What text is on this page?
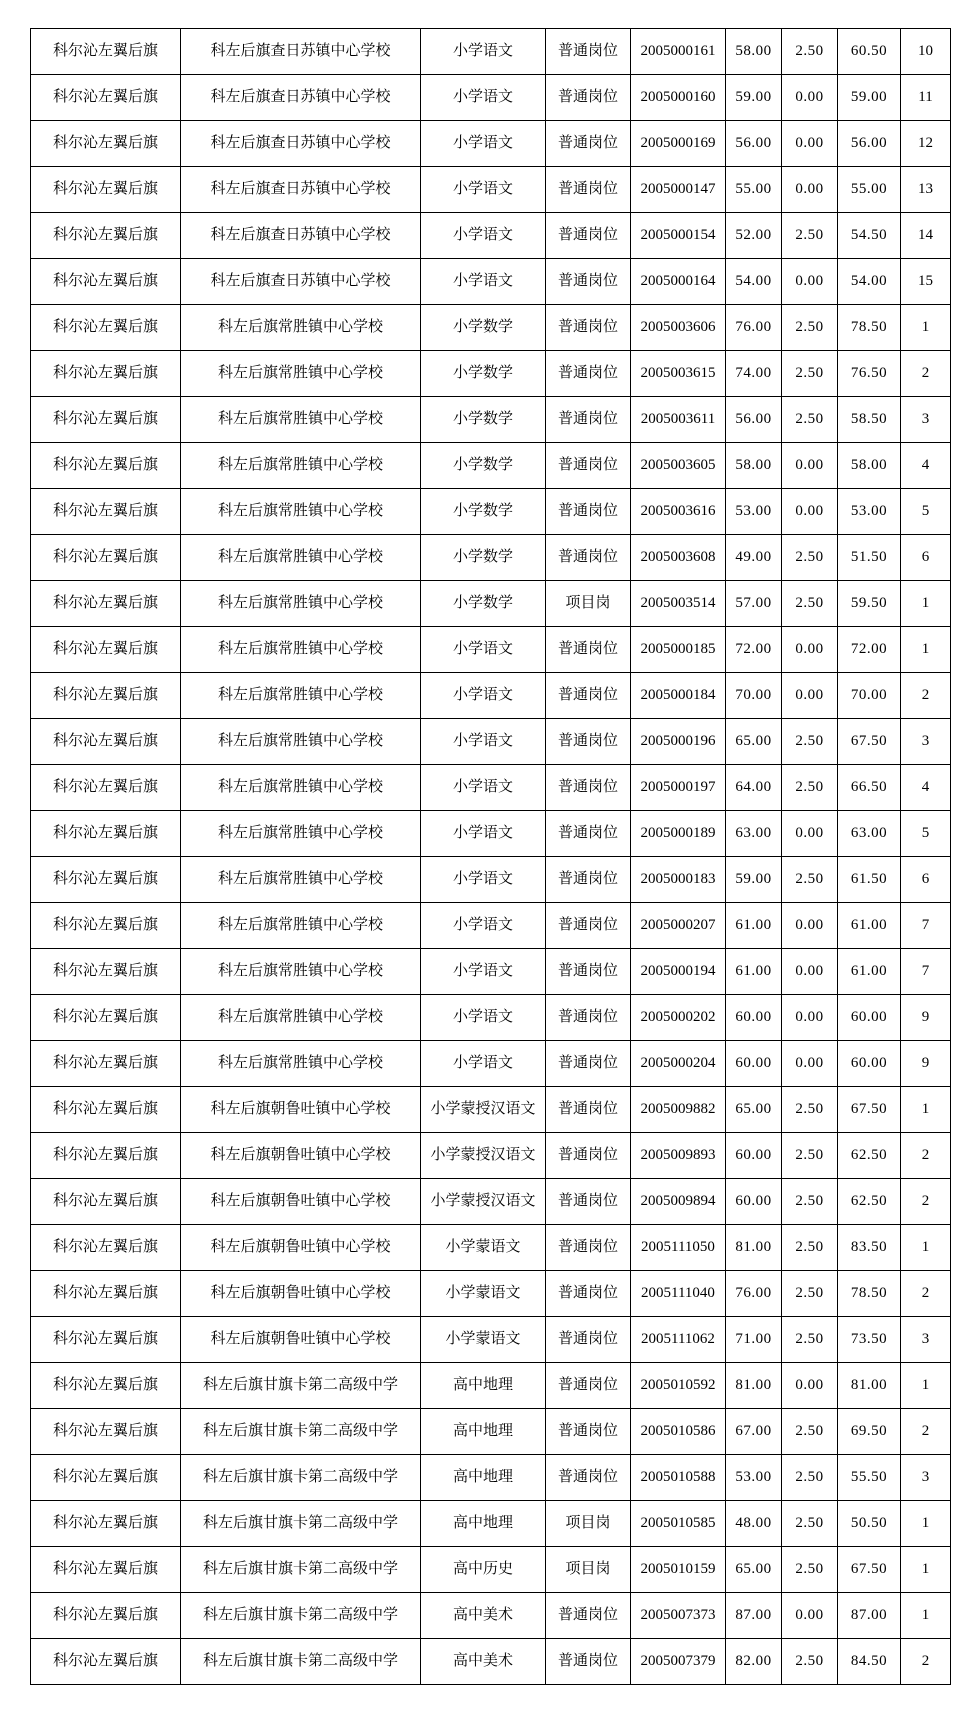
科尔沁左翼后旗	科左后旗查日苏镇中心学校	小学语文	普通岗位	2005000161	58.00	2.50	60.50	10
科尔沁左翼后旗	科左后旗查日苏镇中心学校	小学语文	普通岗位	2005000160	59.00	0.00	59.00	11
科尔沁左翼后旗	科左后旗查日苏镇中心学校	小学语文	普通岗位	2005000169	56.00	0.00	56.00	12
科尔沁左翼后旗	科左后旗查日苏镇中心学校	小学语文	普通岗位	2005000147	55.00	0.00	55.00	13
科尔沁左翼后旗	科左后旗查日苏镇中心学校	小学语文	普通岗位	2005000154	52.00	2.50	54.50	14
科尔沁左翼后旗	科左后旗查日苏镇中心学校	小学语文	普通岗位	2005000164	54.00	0.00	54.00	15
科尔沁左翼后旗	科左后旗常胜镇中心学校	小学数学	普通岗位	2005003606	76.00	2.50	78.50	1
科尔沁左翼后旗	科左后旗常胜镇中心学校	小学数学	普通岗位	2005003615	74.00	2.50	76.50	2
科尔沁左翼后旗	科左后旗常胜镇中心学校	小学数学	普通岗位	2005003611	56.00	2.50	58.50	3
科尔沁左翼后旗	科左后旗常胜镇中心学校	小学数学	普通岗位	2005003605	58.00	0.00	58.00	4
科尔沁左翼后旗	科左后旗常胜镇中心学校	小学数学	普通岗位	2005003616	53.00	0.00	53.00	5
科尔沁左翼后旗	科左后旗常胜镇中心学校	小学数学	普通岗位	2005003608	49.00	2.50	51.50	6
科尔沁左翼后旗	科左后旗常胜镇中心学校	小学数学	项目岗	2005003514	57.00	2.50	59.50	1
科尔沁左翼后旗	科左后旗常胜镇中心学校	小学语文	普通岗位	2005000185	72.00	0.00	72.00	1
科尔沁左翼后旗	科左后旗常胜镇中心学校	小学语文	普通岗位	2005000184	70.00	0.00	70.00	2
科尔沁左翼后旗	科左后旗常胜镇中心学校	小学语文	普通岗位	2005000196	65.00	2.50	67.50	3
科尔沁左翼后旗	科左后旗常胜镇中心学校	小学语文	普通岗位	2005000197	64.00	2.50	66.50	4
科尔沁左翼后旗	科左后旗常胜镇中心学校	小学语文	普通岗位	2005000189	63.00	0.00	63.00	5
科尔沁左翼后旗	科左后旗常胜镇中心学校	小学语文	普通岗位	2005000183	59.00	2.50	61.50	6
科尔沁左翼后旗	科左后旗常胜镇中心学校	小学语文	普通岗位	2005000207	61.00	0.00	61.00	7
科尔沁左翼后旗	科左后旗常胜镇中心学校	小学语文	普通岗位	2005000194	61.00	0.00	61.00	7
科尔沁左翼后旗	科左后旗常胜镇中心学校	小学语文	普通岗位	2005000202	60.00	0.00	60.00	9
科尔沁左翼后旗	科左后旗常胜镇中心学校	小学语文	普通岗位	2005000204	60.00	0.00	60.00	9
科尔沁左翼后旗	科左后旗朝鲁吐镇中心学校	小学蒙授汉语文	普通岗位	2005009882	65.00	2.50	67.50	1
科尔沁左翼后旗	科左后旗朝鲁吐镇中心学校	小学蒙授汉语文	普通岗位	2005009893	60.00	2.50	62.50	2
科尔沁左翼后旗	科左后旗朝鲁吐镇中心学校	小学蒙授汉语文	普通岗位	2005009894	60.00	2.50	62.50	2
科尔沁左翼后旗	科左后旗朝鲁吐镇中心学校	小学蒙语文	普通岗位	2005111050	81.00	2.50	83.50	1
科尔沁左翼后旗	科左后旗朝鲁吐镇中心学校	小学蒙语文	普通岗位	2005111040	76.00	2.50	78.50	2
科尔沁左翼后旗	科左后旗朝鲁吐镇中心学校	小学蒙语文	普通岗位	2005111062	71.00	2.50	73.50	3
科尔沁左翼后旗	科左后旗甘旗卡第二高级中学	高中地理	普通岗位	2005010592	81.00	0.00	81.00	1
科尔沁左翼后旗	科左后旗甘旗卡第二高级中学	高中地理	普通岗位	2005010586	67.00	2.50	69.50	2
科尔沁左翼后旗	科左后旗甘旗卡第二高级中学	高中地理	普通岗位	2005010588	53.00	2.50	55.50	3
科尔沁左翼后旗	科左后旗甘旗卡第二高级中学	高中地理	项目岗	2005010585	48.00	2.50	50.50	1
科尔沁左翼后旗	科左后旗甘旗卡第二高级中学	高中历史	项目岗	2005010159	65.00	2.50	67.50	1
科尔沁左翼后旗	科左后旗甘旗卡第二高级中学	高中美术	普通岗位	2005007373	87.00	0.00	87.00	1
科尔沁左翼后旗	科左后旗甘旗卡第二高级中学	高中美术	普通岗位	2005007379	82.00	2.50	84.50	2
